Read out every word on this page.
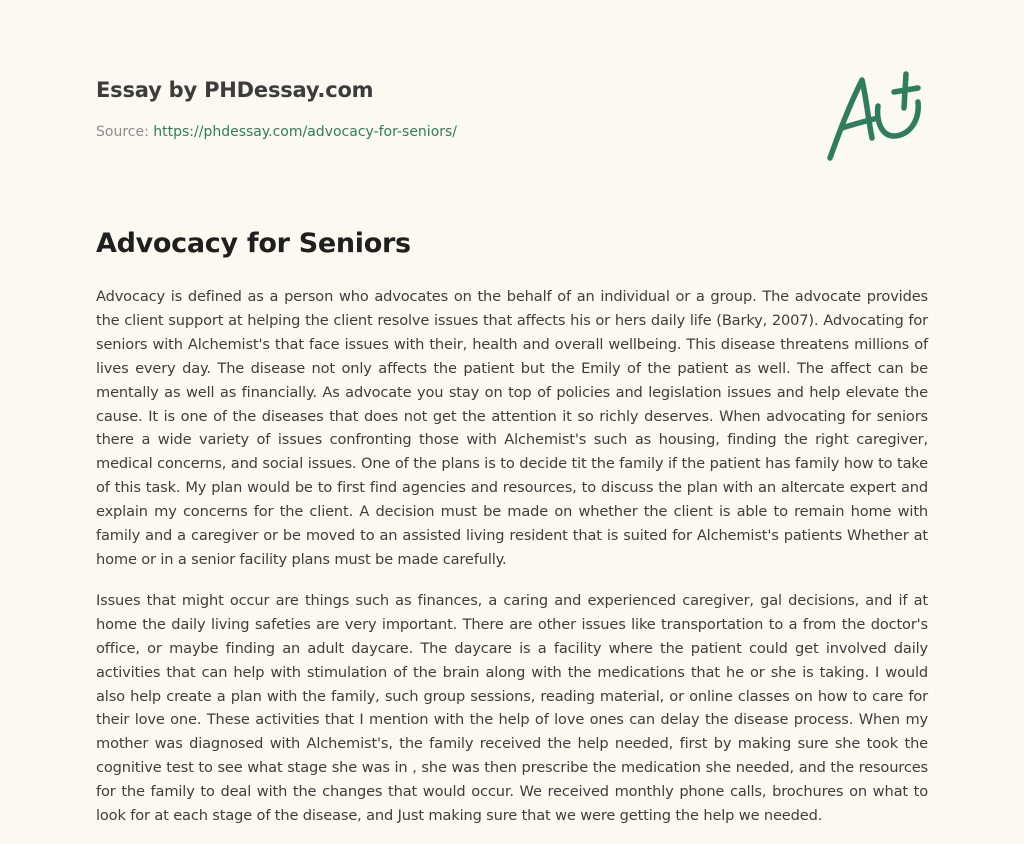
Essay by PHDessay.com
Source: https://phdessay.com/advocacy-for-seniors/
Advocacy for Seniors

Advocacy is defined as a person who advocates on the behalf of an individual or a group. The advocate provides the client support at helping the client resolve issues that affects his or hers daily life (Barky, 2007). Advocating for seniors with Alchemist's that face issues with their, health and overall wellbeing. This disease threatens millions of lives every day. The disease not only affects the patient but the Emily of the patient as well. The affect can be mentally as well as financially. As advocate you stay on top of policies and legislation issues and help elevate the cause. It is one of the diseases that does not get the attention it so richly deserves. When advocating for seniors there a wide variety of issues confronting those with Alchemist's such as housing, finding the right caregiver, medical concerns, and social issues. One of the plans is to decide tit the family if the patient has family how to take of this task. My plan would be to first find agencies and resources, to discuss the plan with an altercate expert and explain my concerns for the client. A decision must be made on whether the client is able to remain home with family and a caregiver or be moved to an assisted living resident that is suited for Alchemist's patients Whether at home or in a senior facility plans must be made carefully.

Issues that might occur are things such as finances, a caring and experienced caregiver, gal decisions, and if at home the daily living safeties are very important. There are other issues like transportation to a from the doctor's office, or maybe finding an adult daycare. The daycare is a facility where the patient could get involved daily activities that can help with stimulation of the brain along with the medications that he or she is taking. I would also help create a plan with the family, such group sessions, reading material, or online classes on how to care for their love one. These activities that I mention with the help of love ones can delay the disease process. When my mother was diagnosed with Alchemist's, the family received the help needed, first by making sure she took the cognitive test to see what stage she was in , she was then prescribe the medication she needed, and the resources for the family to deal with the changes that would occur. We received monthly phone calls, brochures on what to look for at each stage of the disease, and Just making sure that we were getting the help we needed.
